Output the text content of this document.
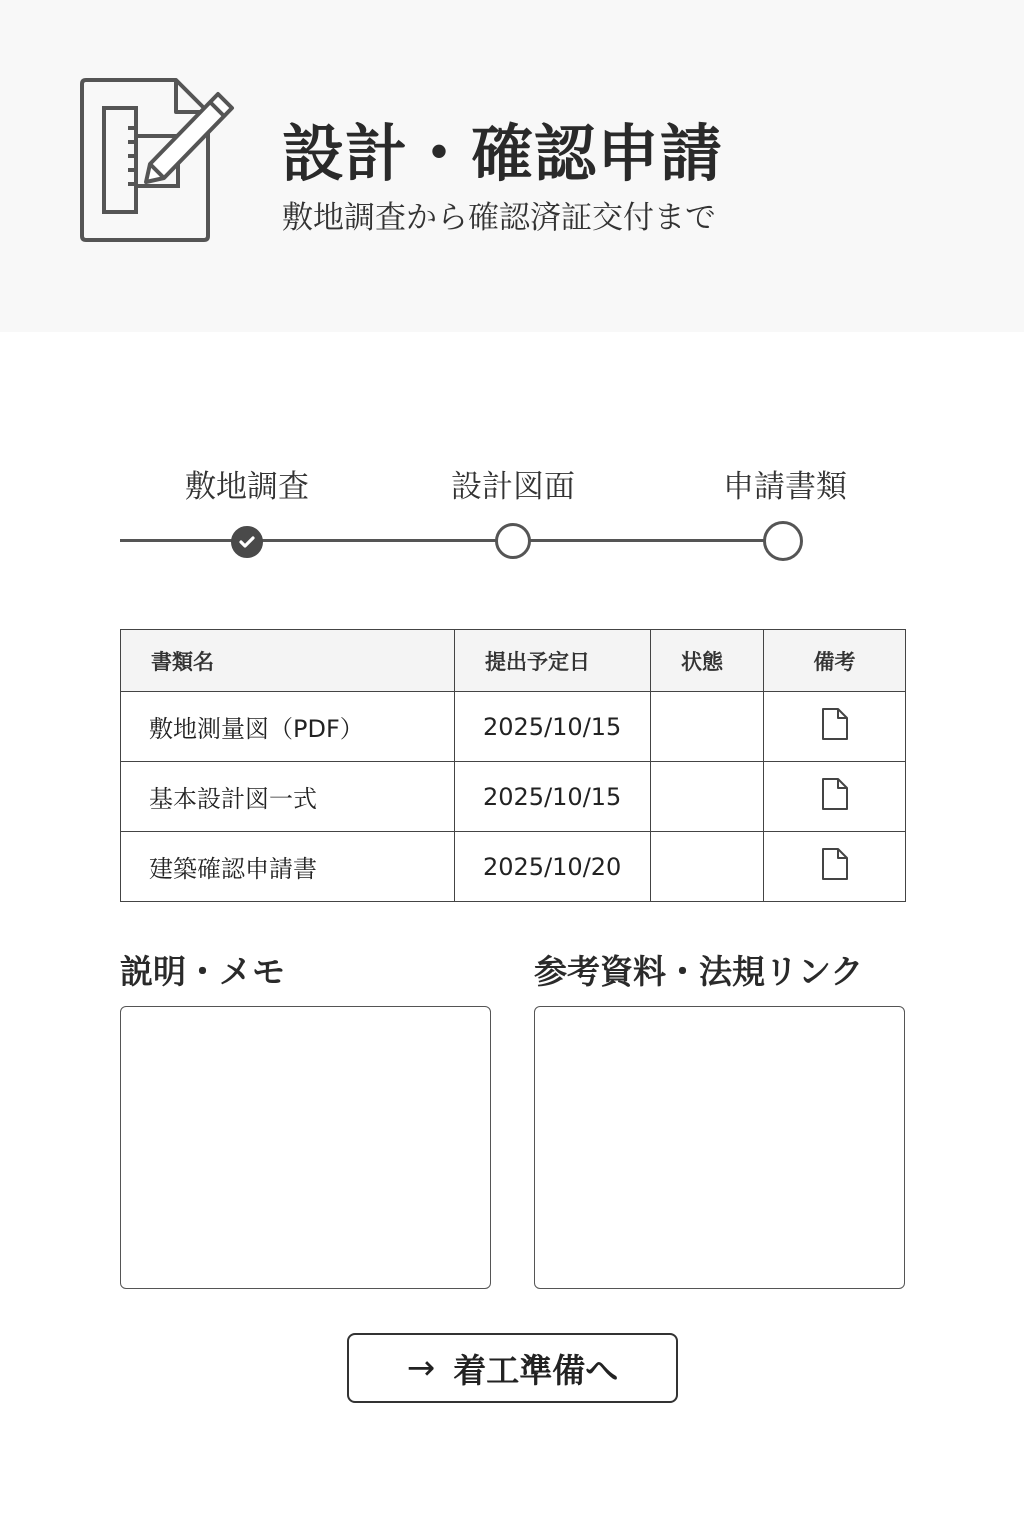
設計・確認申請
敷地調査から確認済証交付まで
敷地調査	設計図面	申請書類
書類名	提出予定日	状態	備考
敷地測量図（PDF）	2025/10/15		
基本設計図一式	2025/10/15		
建築確認申請書	2025/10/20		
説明・メモ	参考資料・法規リンク
→ 着工準備へ
